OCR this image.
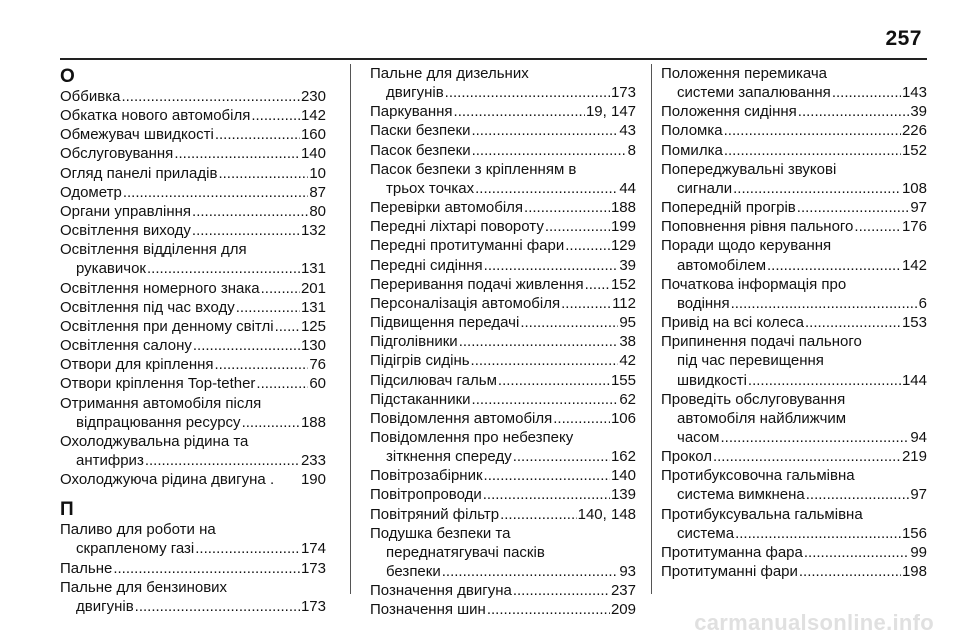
257
О
Оббивка .....	230
Обкатка нового автомобіля .....	142
Обмежувач швидкості .....	160
Обслуговування .....	140
Огляд панелі приладів .....	10
Одометр .....	87
Органи управління .....	80
Освітлення виходу .....	132
Освітлення відділення для
рукавичок .....	131
Освітлення номерного знака .....	201
Освітлення під час входу .....	131
Освітлення при денному світлі ..... 125
Освітлення салону .....	130
Отвори для кріплення .....	76
Отвори кріплення Top-tether .....	60
Отримання автомобіля після
відпрацювання ресурсу .....	188
Охолоджувальна рідина та
антифриз .....	233
Охолоджуюча рідина двигуна . 190
П
Паливо для роботи на
скрапленому газі .....	174
Пальне .....	173
Пальне для бензинових
двигунів .....	173
Пальне для дизельних
двигунів .....	173
Паркування .....	19, 147
Паски безпеки .....	43
Пасок безпеки .....	8
Пасок безпеки з кріпленням в
трьох точках .....	44
Перевірки автомобіля .....	188
Передні ліхтарі повороту .....	199
Передні протитуманні фари .....	129
Передні сидіння .....	39
Переривання подачі живлення ..... 152
Персоналізація автомобіля .....	112
Підвищення передачі .....	95
Підголівники .....	38
Підігрів сидінь .....	42
Підсилювач гальм .....	155
Підстаканники .....	62
Повідомлення автомобіля .....	106
Повідомлення про небезпеку
зіткнення спереду .....	162
Повітрозабірник .....	140
Повітропроводи .....	139
Повітряний фільтр .....	140, 148
Подушка безпеки та
переднатягувачі пасків
безпеки .....	93
Позначення двигуна .....	237
Позначення шин .....	209
Положення перемикача
системи запалювання .....	143
Положення сидіння .....	39
Поломка .....	226
Помилка .....	152
Попереджувальні звукові
сигнали .....	108
Попередній прогрів .....	97
Поповнення рівня пального .....	176
Поради щодо керування
автомобілем .....	142
Початкова інформація про
водіння .....	6
Привід на всі колеса .....	153
Припинення подачі пального
під час перевищення
швидкості .....	144
Проведіть обслуговування
автомобіля найближчим
часом .....	94
Прокол .....	219
Протибуксовочна гальмівна
система вимкнена .....	97
Протибуксувальна гальмівна
система .....	156
Протитуманна фара .....	99
Протитуманні фари .....	198
carmanualsonline.info
